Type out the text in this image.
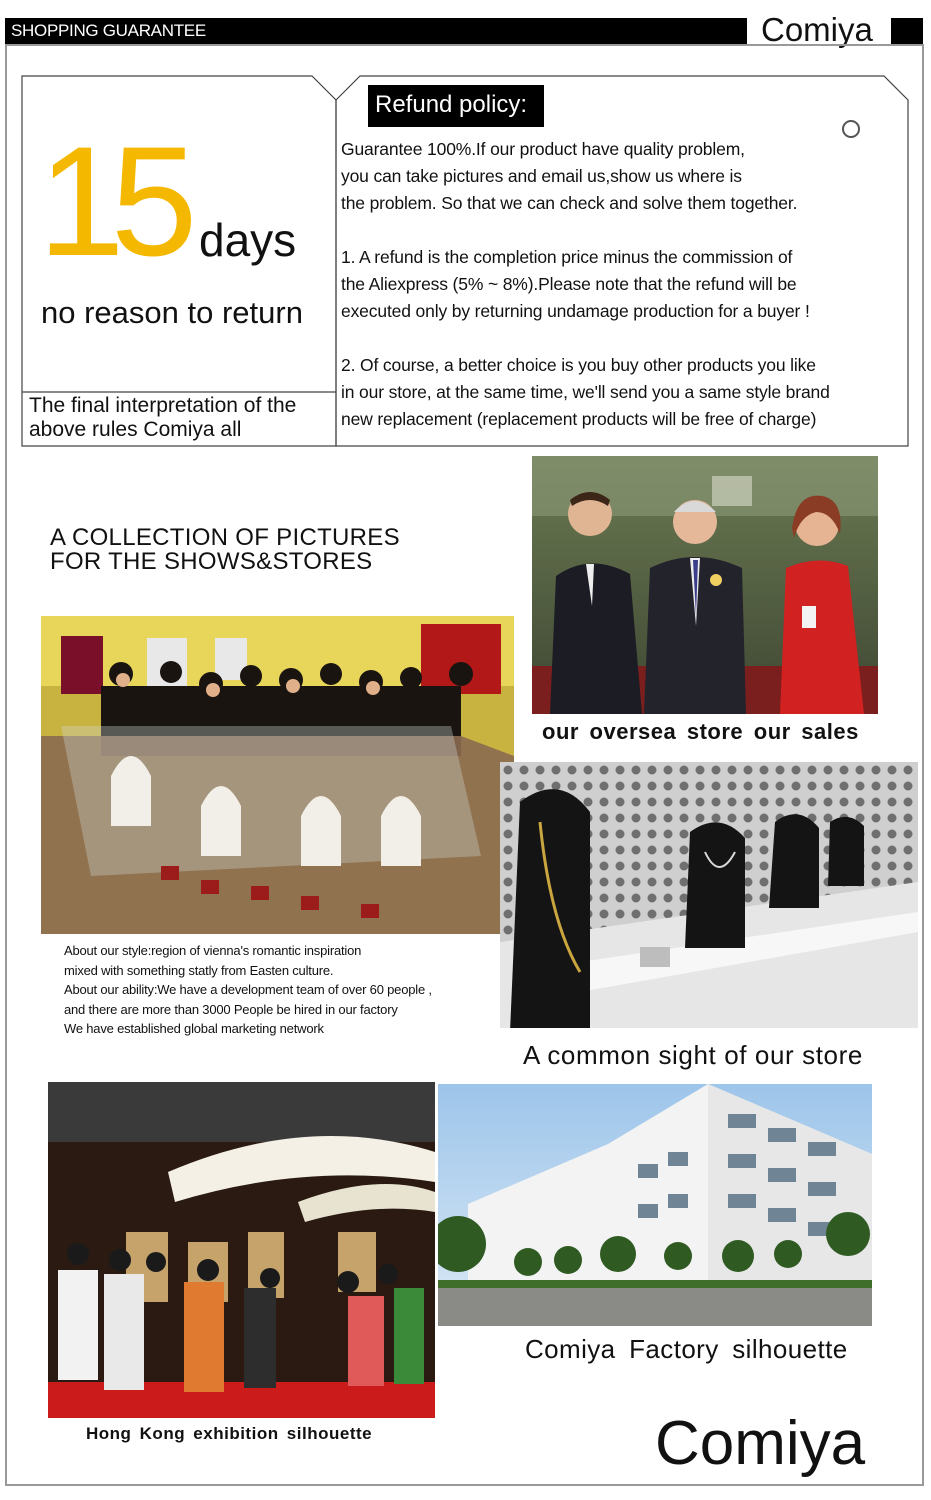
SHOPPING GUARANTEE	Comiya
15 days
no reason to return
The final interpretation of the above rules Comiya all
Refund policy:
Guarantee 100%.If our product have quality problem,
you can take pictures and email us,show us where is
the problem. So that we can check and solve them together.
1. A refund is the completion price minus the commission of
the Aliexpress (5% ~ 8%).Please note that the refund will be
executed only by returning undamage production for a buyer !
2. Of course, a better choice is you buy other products you like
in our store, at the same time, we'll send you a same style brand
new replacement (replacement products will be free of charge)
A COLLECTION OF PICTURES
FOR THE SHOWS&STORES
our oversea store our sales
About our style:region of vienna's romantic inspiration
mixed with something statly from Easten culture.
About our ability:We have a development team of over 60 people ,
and there are more than 3000 People be hired in our factory
We have established global marketing network
A common sight of our store
Hong Kong exhibition silhouette
Comiya Factory silhouette
Comiya
